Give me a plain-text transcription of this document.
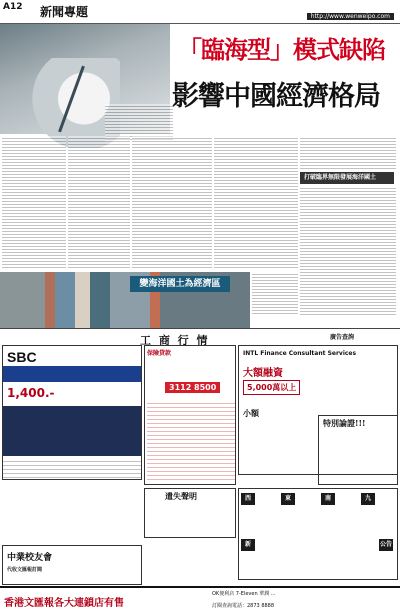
A12 新聞專題	http://www.wenweipo.com
「臨海型」模式缺陷
影響中國經濟格局
打破臨界無限發展海洋國土
變海洋國土為經濟區
工 商 行 情	廣告查詢
SBC
1,400.-
保險貸款
3112 8500
INTL Finance Consultant Services
大額融資
5,000萬以上
小額
特別論證!!!
遺失聲明	西	東	南	九
新	公告
中業校友會
代收文匯報訂閱
香港文匯報各大連鎖店有售
OK便利店 7-Eleven 華潤 ...
訂閱查詢電話：2873 8888
